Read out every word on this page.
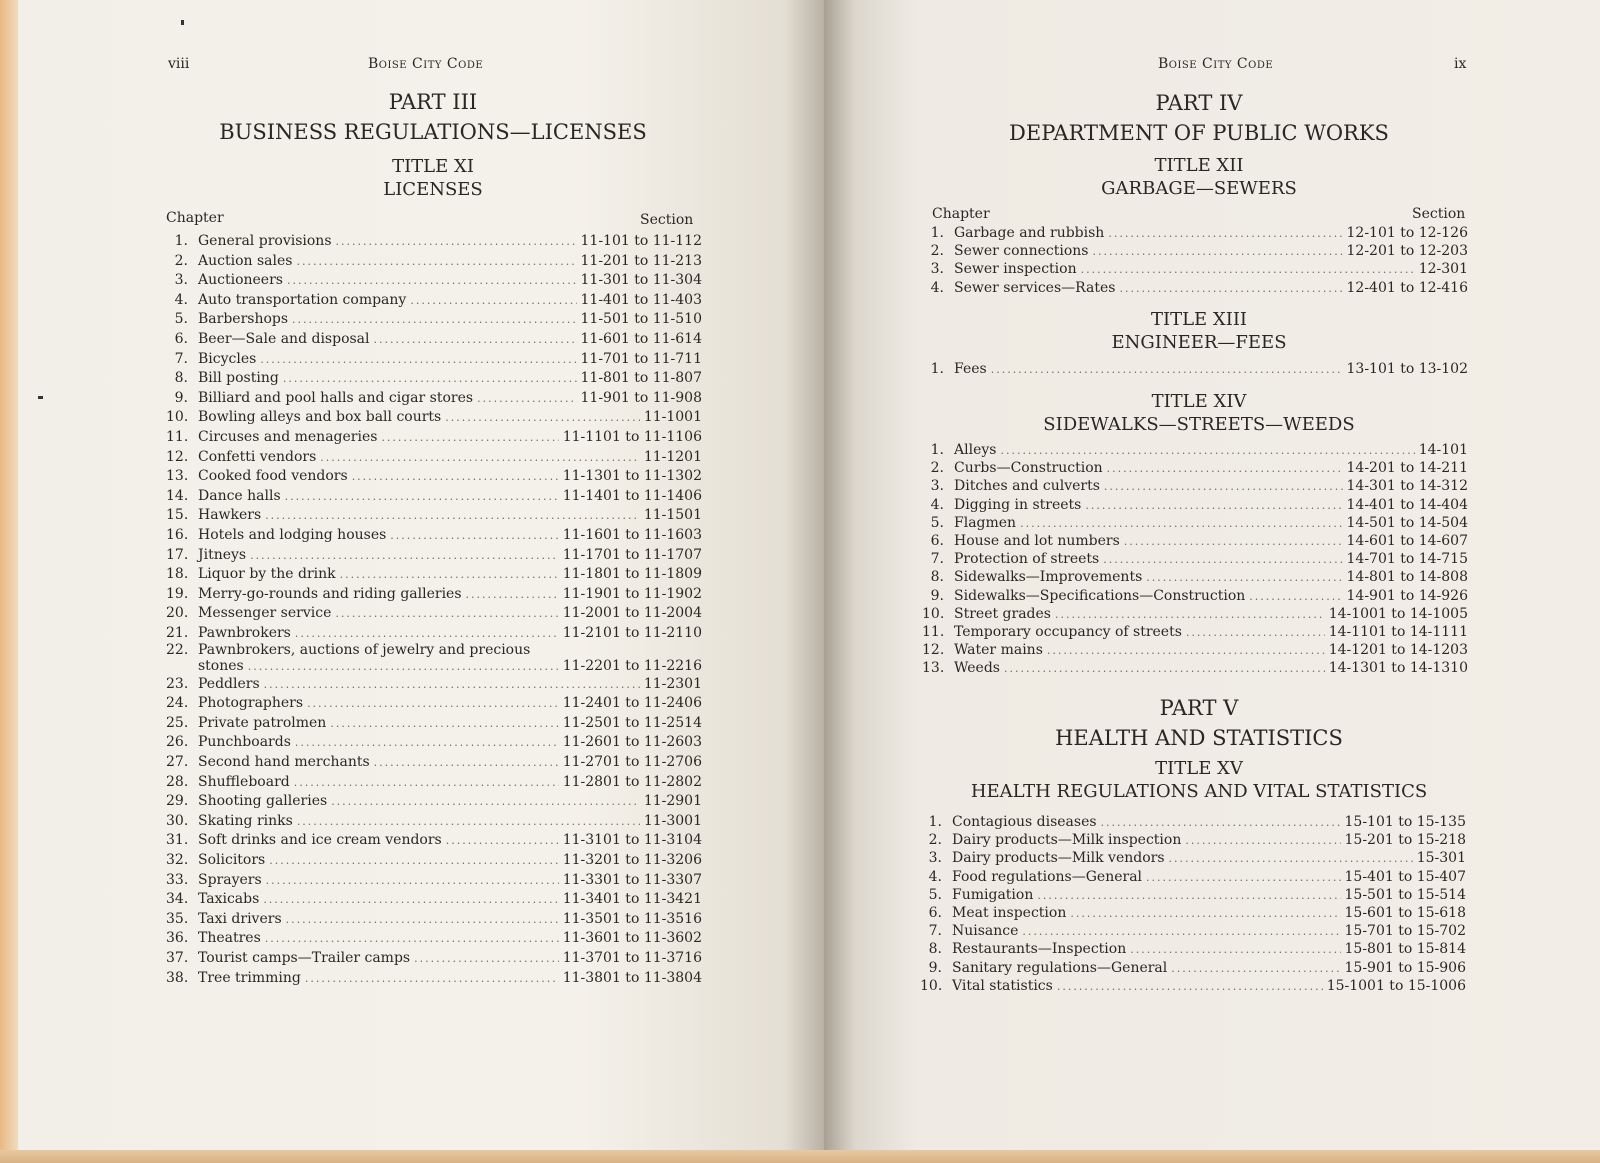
viii	Boise City Code
PART III
BUSINESS REGULATIONS—LICENSES
TITLE XI
LICENSES
Chapter	Section
1. General provisions .....	11-101 to 11-112
2. Auction sales .....	11-201 to 11-213
3. Auctioneers .....	11-301 to 11-304
4. Auto transportation company .....	11-401 to 11-403
5. Barbershops .....	11-501 to 11-510
6. Beer—Sale and disposal .....	11-601 to 11-614
7. Bicycles .....	11-701 to 11-711
8. Bill posting .....	11-801 to 11-807
9. Billiard and pool halls and cigar stores .....	11-901 to 11-908
10. Bowling alleys and box ball courts .....	11-1001
11. Circuses and menageries .....	11-1101 to 11-1106
12. Confetti vendors .....	11-1201
13. Cooked food vendors .....	11-1301 to 11-1302
14. Dance halls .....	11-1401 to 11-1406
15. Hawkers .....	11-1501
16. Hotels and lodging houses .....	11-1601 to 11-1603
17. Jitneys .....	11-1701 to 11-1707
18. Liquor by the drink .....	11-1801 to 11-1809
19. Merry-go-rounds and riding galleries .....	11-1901 to 11-1902
20. Messenger service .....	11-2001 to 11-2004
21. Pawnbrokers .....	11-2101 to 11-2110
22. Pawnbrokers, auctions of jewelry and precious
stones .....	11-2201 to 11-2216
23. Peddlers .....	11-2301
24. Photographers .....	11-2401 to 11-2406
25. Private patrolmen .....	11-2501 to 11-2514
26. Punchboards .....	11-2601 to 11-2603
27. Second hand merchants .....	11-2701 to 11-2706
28. Shuffleboard .....	11-2801 to 11-2802
29. Shooting galleries .....	11-2901
30. Skating rinks .....	11-3001
31. Soft drinks and ice cream vendors .....	11-3101 to 11-3104
32. Solicitors .....	11-3201 to 11-3206
33. Sprayers .....	11-3301 to 11-3307
34. Taxicabs .....	11-3401 to 11-3421
35. Taxi drivers .....	11-3501 to 11-3516
36. Theatres .....	11-3601 to 11-3602
37. Tourist camps—Trailer camps .....	11-3701 to 11-3716
38. Tree trimming .....	11-3801 to 11-3804
Boise City Code	ix
PART IV
DEPARTMENT OF PUBLIC WORKS
TITLE XII
GARBAGE—SEWERS
Chapter	Section
1. Garbage and rubbish .....	12-101 to 12-126
2. Sewer connections .....	12-201 to 12-203
3. Sewer inspection .....	12-301
4. Sewer services—Rates .....	12-401 to 12-416
TITLE XIII
ENGINEER—FEES
1. Fees .....	13-101 to 13-102
TITLE XIV
SIDEWALKS—STREETS—WEEDS
1. Alleys .....	14-101
2. Curbs—Construction .....	14-201 to 14-211
3. Ditches and culverts .....	14-301 to 14-312
4. Digging in streets .....	14-401 to 14-404
5. Flagmen .....	14-501 to 14-504
6. House and lot numbers .....	14-601 to 14-607
7. Protection of streets .....	14-701 to 14-715
8. Sidewalks—Improvements .....	14-801 to 14-808
9. Sidewalks—Specifications—Construction .....	14-901 to 14-926
10. Street grades .....	14-1001 to 14-1005
11. Temporary occupancy of streets .....	14-1101 to 14-1111
12. Water mains .....	14-1201 to 14-1203
13. Weeds .....	14-1301 to 14-1310
PART V
HEALTH AND STATISTICS
TITLE XV
HEALTH REGULATIONS AND VITAL STATISTICS
1. Contagious diseases .....	15-101 to 15-135
2. Dairy products—Milk inspection .....	15-201 to 15-218
3. Dairy products—Milk vendors .....	15-301
4. Food regulations—General .....	15-401 to 15-407
5. Fumigation .....	15-501 to 15-514
6. Meat inspection .....	15-601 to 15-618
7. Nuisance .....	15-701 to 15-702
8. Restaurants—Inspection .....	15-801 to 15-814
9. Sanitary regulations—General .....	15-901 to 15-906
10. Vital statistics .....	15-1001 to 15-1006
